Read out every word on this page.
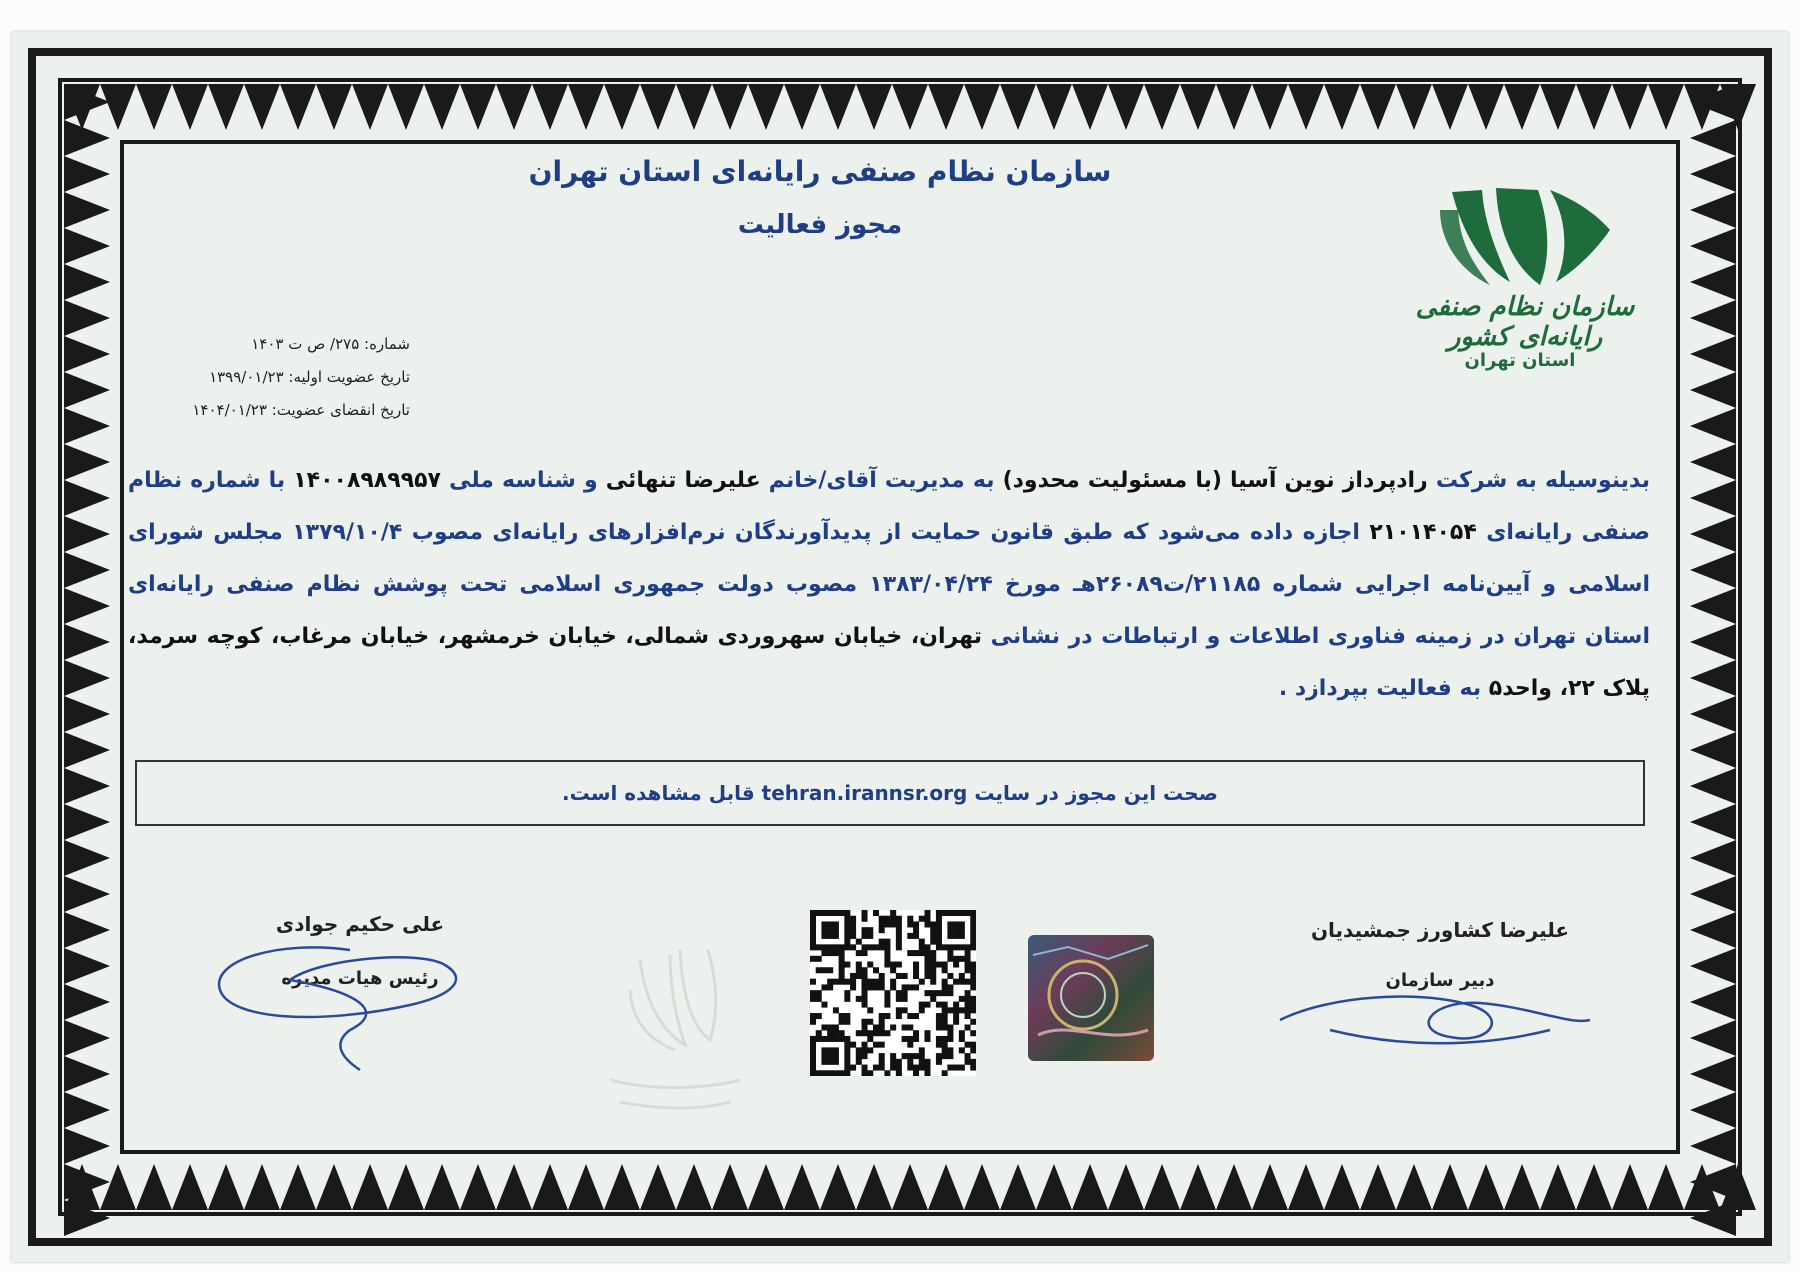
سازمان نظام صنفی رایانه‌ای استان تهران
مجوز فعالیت
سازمان نظام صنفی رایانه‌ای کشور
استان تهران
شماره: ۲۷۵/ ص ت ۱۴۰۳
تاریخ عضویت اولیه: ۱۳۹۹/۰۱/۲۳
تاریخ انقضای عضویت: ۱۴۰۴/۰۱/۲۳
بدینوسیله به شرکت رادپرداز نوین آسیا (با مسئولیت محدود) به مدیریت آقای/خانم علیرضا تنهائی و شناسه ملی ۱۴۰۰۸۹۸۹۹۵۷ با شماره نظام صنفی رایانه‌ای ۲۱۰۱۴۰۵۴ اجازه داده می‌شود که طبق قانون حمایت از پدیدآورندگان نرم‌افزارهای رایانه‌ای مصوب ۱۳۷۹/۱۰/۴ مجلس شورای اسلامی و آیین‌نامه اجرایی شماره ۲۱۱۸۵/ت۲۶۰۸۹هـ مورخ ۱۳۸۳/۰۴/۲۴ مصوب دولت جمهوری اسلامی تحت پوشش نظام صنفی رایانه‌ای استان تهران در زمینه فناوری اطلاعات و ارتباطات در نشانی تهران، خیابان سهروردی شمالی، خیابان خرمشهر، خیابان مرغاب، کوچه سرمد، پلاک ۲۲، واحد۵ به فعالیت بپردازد .
صحت این مجوز در سایت tehran.irannsr.org قابل مشاهده است.
علی حکیم جوادی
رئیس هیات مدیره
علیرضا کشاورز جمشیدیان
دبیر سازمان
